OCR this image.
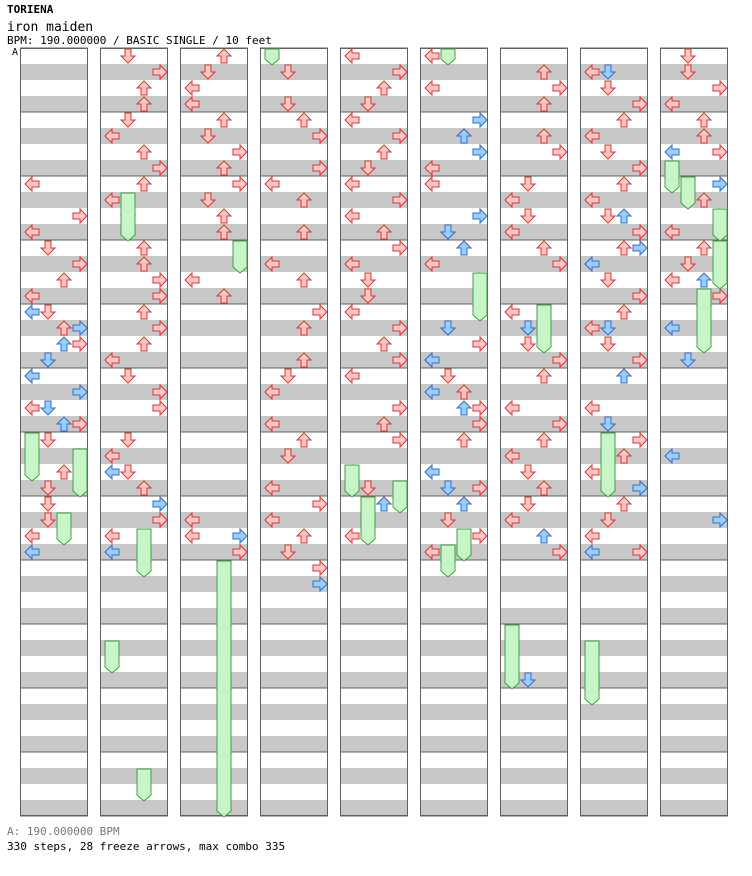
TORIENA
iron maiden
BPM: 190.000000 / BASIC SINGLE / 10 feet
A
A: 190.000000 BPM
330 steps, 28 freeze arrows, max combo 335
